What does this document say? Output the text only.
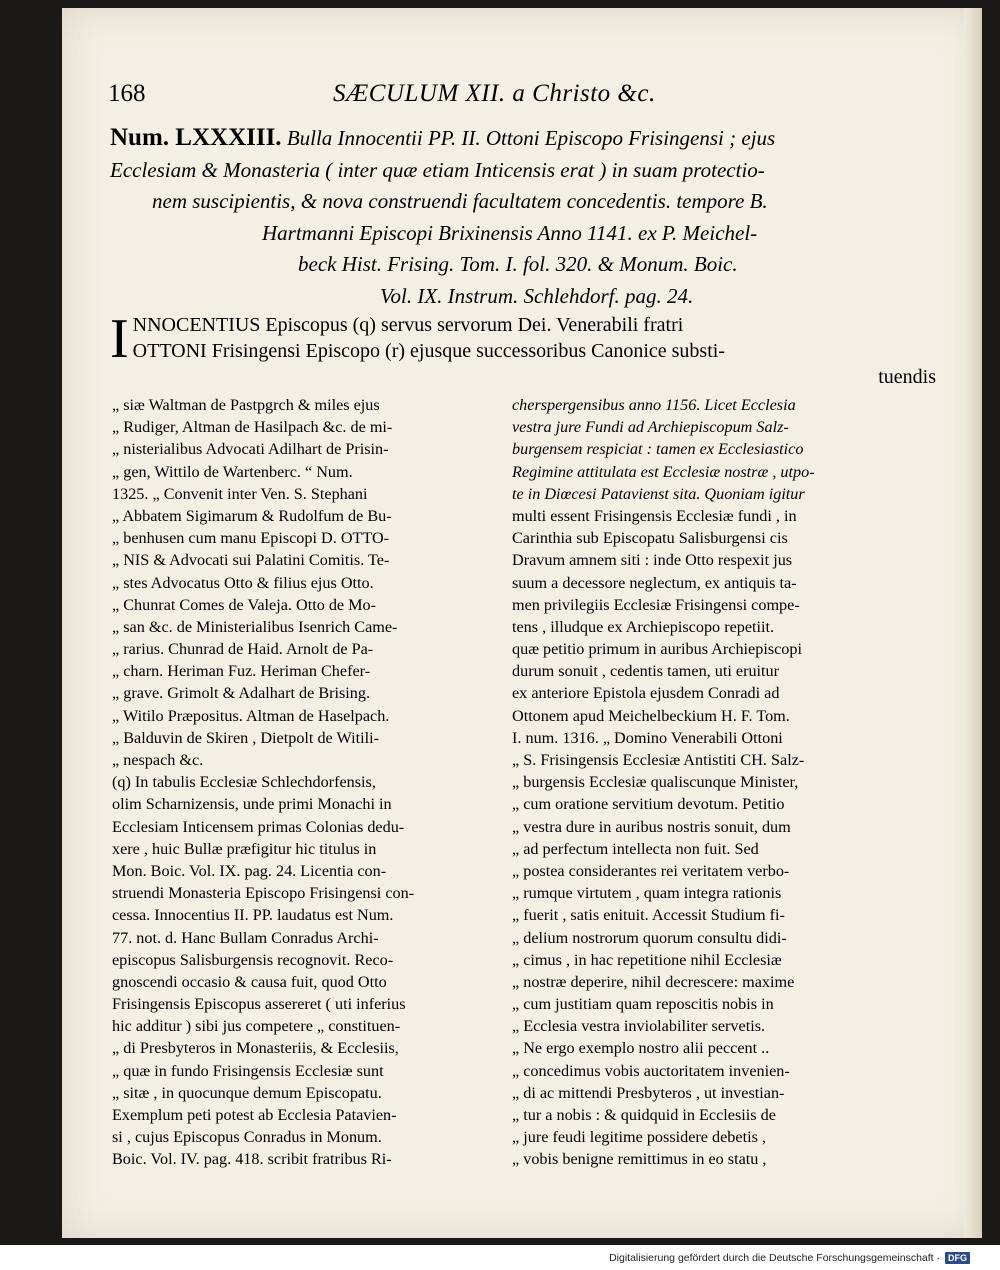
168	SÆCULUM XII. a Christo &c.
Num. LXXXIII. Bulla Innocentii PP. II. Ottoni Episcopo Frisingensi ; ejus
Ecclesiam & Monasteria ( inter quæ etiam Inticensis erat ) in suam protectio-
nem suscipientis, & nova construendi facultatem concedentis. tempore B.
Hartmanni Episcopi Brixinensis Anno 1141. ex P. Meichel-
beck Hist. Frising. Tom. I. fol. 320. & Monum. Boic.
Vol. IX. Instrum. Schlehdorf. pag. 24.
I NNOCENTIUS Episcopus (q) servus servorum Dei. Venerabili fratri
OTTONI Frisingensi Episcopo (r) ejusque successoribus Canonice substi-
tuendis
„ siæ Waltman de Pastpgrch & miles ejus
„ Rudiger, Altman de Hasilpach &c. de mi-
„ nisterialibus Advocati Adilhart de Prisin-
„ gen, Wittilo de Wartenberc. “ Num.
1325. „ Convenit inter Ven. S. Stephani
„ Abbatem Sigimarum & Rudolfum de Bu-
„ benhusen cum manu Episcopi D. OTTO-
„ NIS & Advocati sui Palatini Comitis. Te-
„ stes Advocatus Otto & filius ejus Otto.
„ Chunrat Comes de Valeja. Otto de Mo-
„ san &c. de Ministerialibus Isenrich Came-
„ rarius. Chunrad de Haid. Arnolt de Pa-
„ charn. Heriman Fuz. Heriman Chefer-
„ grave. Grimolt & Adalhart de Brising.
„ Witilo Præpositus. Altman de Haselpach.
„ Balduvin de Skiren , Dietpolt de Witili-
„ nespach &c.
(q) In tabulis Ecclesiæ Schlechdorfensis,
olim Scharnizensis, unde primi Monachi in
Ecclesiam Inticensem primas Colonias dedu-
xere , huic Bullæ præfigitur hic titulus in
Mon. Boic. Vol. IX. pag. 24. Licentia con-
struendi Monasteria Episcopo Frisingensi con-
cessa. Innocentius II. PP. laudatus est Num.
77. not. d. Hanc Bullam Conradus Archi-
episcopus Salisburgensis recognovit. Reco-
gnoscendi occasio & causa fuit, quod Otto
Frisingensis Episcopus assereret ( uti inferius
hic additur ) sibi jus competere „ constituen-
„ di Presbyteros in Monasteriis, & Ecclesiis,
„ quæ in fundo Frisingensis Ecclesiæ sunt
„ sitæ , in quocunque demum Episcopatu.
Exemplum peti potest ab Ecclesia Patavien-
si , cujus Episcopus Conradus in Monum.
Boic. Vol. IV. pag. 418. scribit fratribus Ri-
cherspergensibus anno 1156. Licet Ecclesia
vestra jure Fundi ad Archiepiscopum Salz-
burgensem respiciat : tamen ex Ecclesiastico
Regimine attitulata est Ecclesiæ nostræ , utpo-
te in Diœcesi Patavienst sita. Quoniam igitur
multi essent Frisingensis Ecclesiæ fundi , in
Carinthia sub Episcopatu Salisburgensi cis
Dravum amnem siti : inde Otto respexit jus
suum a decessore neglectum, ex antiquis ta-
men privilegiis Ecclesiæ Frisingensi compe-
tens , illudque ex Archiepiscopo repetiit.
quæ petitio primum in auribus Archiepiscopi
durum sonuit , cedentis tamen, uti eruitur
ex anteriore Epistola ejusdem Conradi ad
Ottonem apud Meichelbeckium H. F. Tom.
I. num. 1316. „ Domino Venerabili Ottoni
„ S. Frisingensis Ecclesiæ Antistiti CH. Salz-
„ burgensis Ecclesiæ qualiscunque Minister,
„ cum oratione servitium devotum. Petitio
„ vestra dure in auribus nostris sonuit, dum
„ ad perfectum intellecta non fuit. Sed
„ postea considerantes rei veritatem verbo-
„ rumque virtutem , quam integra rationis
„ fuerit , satis enituit. Accessit Studium fi-
„ delium nostrorum quorum consultu didi-
„ cimus , in hac repetitione nihil Ecclesiæ
„ nostræ deperire, nihil decrescere: maxime
„ cum justitiam quam reposcitis nobis in
„ Ecclesia vestra inviolabiliter servetis.
„ Ne ergo exemplo nostro alii peccent ..
„ concedimus vobis auctoritatem invenien-
„ di ac mittendi Presbyteros , ut investian-
„ tur a nobis : & quidquid in Ecclesiis de
„ jure feudi legitime possidere debetis ,
„ vobis benigne remittimus in eo statu ,
Digitalisierung gefördert durch die Deutsche Forschungsgemeinschaft · DFG
